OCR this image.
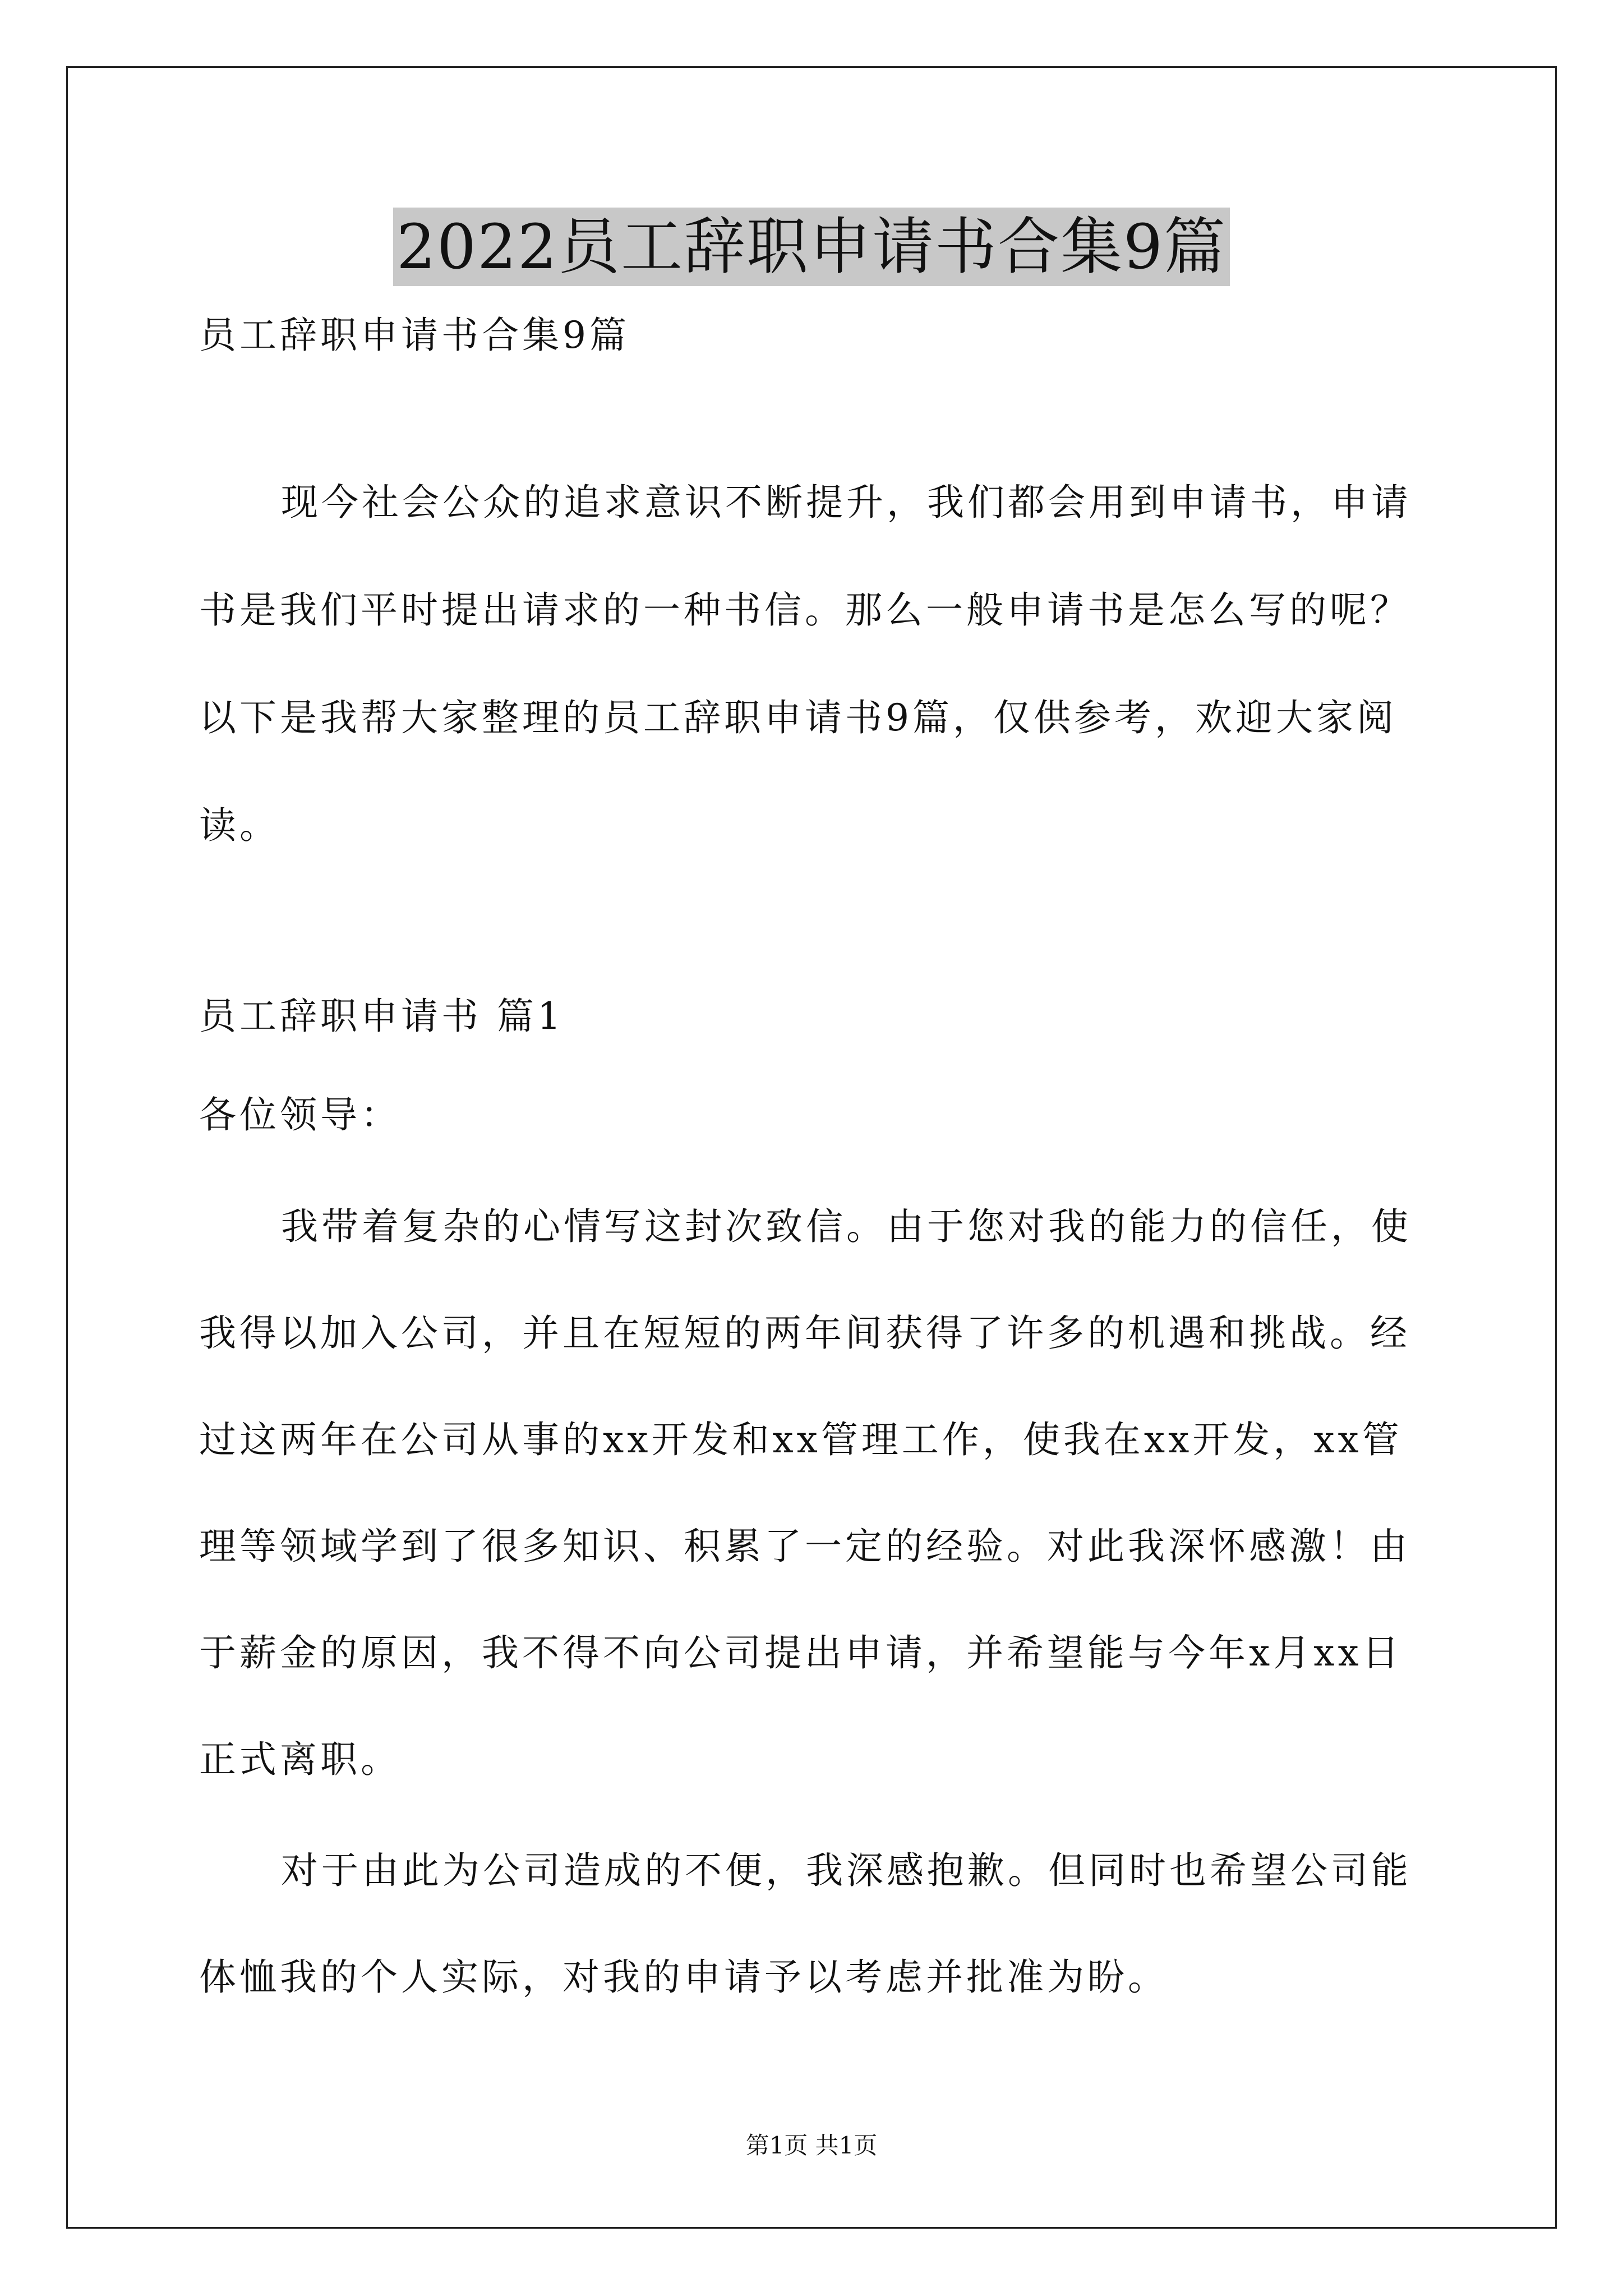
2022员工辞职申请书合集9篇

员工辞职申请书合集9篇

现今社会公众的追求意识不断提升，我们都会用到申请书，申请书是我们平时提出请求的一种书信。那么一般申请书是怎么写的呢？以下是我帮大家整理的员工辞职申请书9篇，仅供参考，欢迎大家阅读。

员工辞职申请书 篇1

各位领导：

我带着复杂的心情写这封次致信。由于您对我的能力的信任，使我得以加入公司，并且在短短的两年间获得了许多的机遇和挑战。经过这两年在公司从事的xx开发和xx管理工作，使我在xx开发，xx管理等领域学到了很多知识、积累了一定的经验。对此我深怀感激！由于薪金的原因，我不得不向公司提出申请，并希望能与今年x月xx日正式离职。

对于由此为公司造成的不便，我深感抱歉。但同时也希望公司能体恤我的个人实际，对我的申请予以考虑并批准为盼。

第1页 共1页
